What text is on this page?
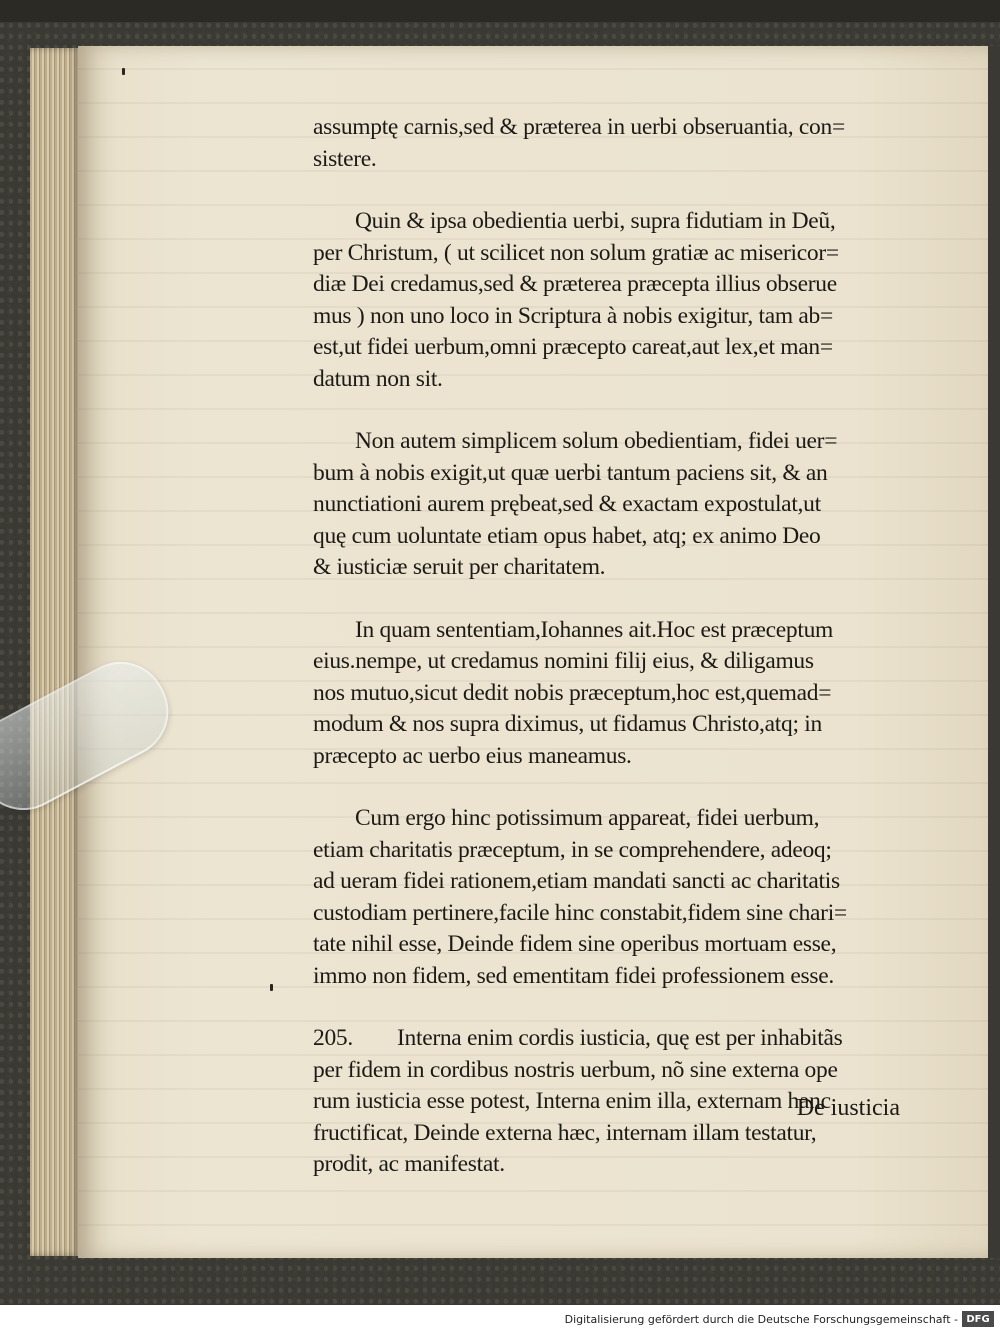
assumptę carnis,sed & præterea in uerbi obseruantia, con=
sistere.
Quin & ipsa obedientia uerbi, supra fidutiam in Deũ,
per Christum, ( ut scilicet non solum gratiæ ac misericor=
diæ Dei credamus,sed & præterea præcepta illius obserue
mus ) non uno loco in Scriptura à nobis exigitur, tam ab=
est,ut fidei uerbum,omni præcepto careat,aut lex,et man=
datum non sit.
Non autem simplicem solum obedientiam, fidei uer=
bum à nobis exigit,ut quæ uerbi tantum paciens sit, & an
nunctiationi aurem prębeat,sed & exactam expostulat,ut
quę cum uoluntate etiam opus habet, atq; ex animo Deo
& iusticiæ seruit per charitatem.
In quam sententiam,Iohannes ait.Hoc est præceptum
eius.nempe, ut credamus nomini filij eius, & diligamus
nos mutuo,sicut dedit nobis præceptum,hoc est,quemad=
modum & nos supra diximus, ut fidamus Christo,atq; in
præcepto ac uerbo eius maneamus.
Cum ergo hinc potissimum appareat, fidei uerbum,
etiam charitatis præceptum, in se comprehendere, adeoq;
ad ueram fidei rationem,etiam mandati sancti ac charitatis
custodiam pertinere,facile hinc constabit,fidem sine chari=
tate nihil esse, Deinde fidem sine operibus mortuam esse,
immo non fidem, sed ementitam fidei professionem esse.
205. Interna enim cordis iusticia, quę est per inhabitãs
per fidem in cordibus nostris uerbum, nõ sine externa ope
rum iusticia esse potest, Interna enim illa, externam hanc
fructificat, Deinde externa hæc, internam illam testatur,
prodit, ac manifestat.
De iusticia
Digitalisierung gefördert durch die Deutsche Forschungsgemeinschaft - DFG
